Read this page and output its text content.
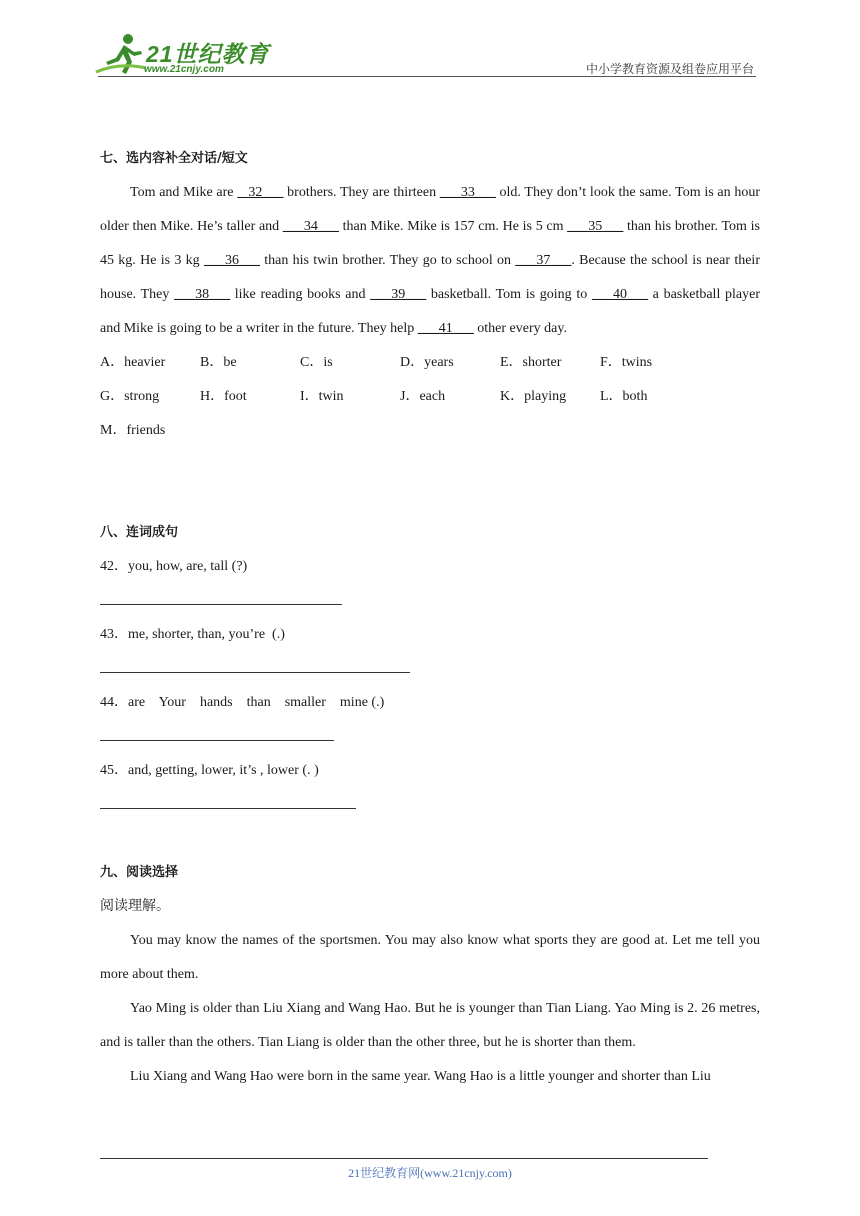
21世纪教育
www.21cnjy.com	中小学教育资源及组卷应用平台
七、选内容补全对话/短文
Tom and Mike are    32___ brothers. They are thirteen ___33___ old. They don’t look the same. Tom is an hour older then Mike. He’s taller and ___34___ than Mike. Mike is 157 cm. He is 5 cm ___35___ than his brother. Tom is 45 kg. He is 3 kg ___36___ than his twin brother. They go to school on ___37___. Because the school is near their house. They ___38___ like reading books and ___39___ basketball. Tom is going to ___40___ a basketball player and Mike is going to be a writer in the future. They help ___41___ other every day.
A．heavier	B．be	C．is	D．years	E．shorter	F．twins
G．strong	H．foot	I．twin	J．each	K．playing	L．both
M．friends
八、连词成句
42．you, how, are, tall (?)
43．me, shorter, than, you’re  (.)
44．are    Your    hands    than    smaller    mine (.)
45．and, getting, lower, it’s , lower (. )
九、阅读选择
阅读理解。
You may know the names of the sportsmen. You may also know what sports they are good at. Let me tell you more about them.
Yao Ming is older than Liu Xiang and Wang Hao. But he is younger than Tian Liang. Yao Ming is 2. 26 metres, and is taller than the others. Tian Liang is older than the other three, but he is shorter than them.
Liu Xiang and Wang Hao were born in the same year. Wang Hao is a little younger and shorter than Liu
21世纪教育网(www.21cnjy.com)
